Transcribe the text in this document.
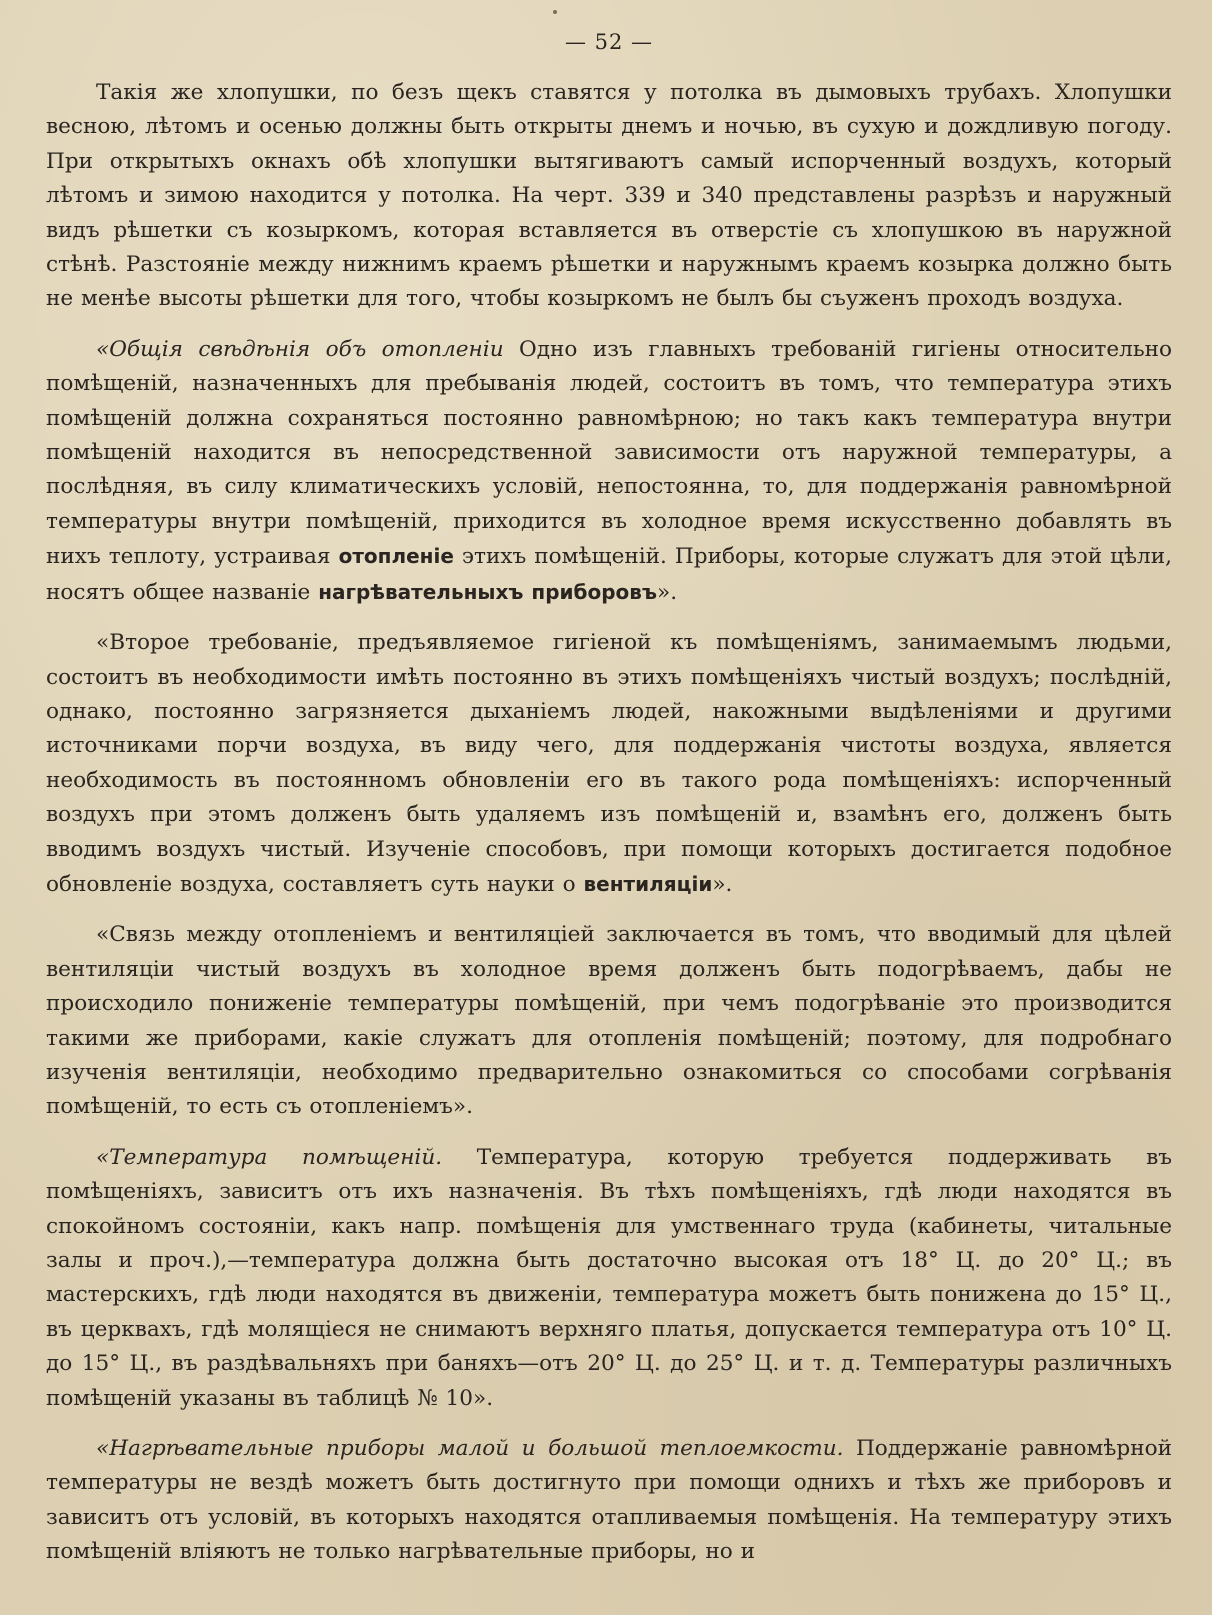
— 52 —

Такія же хлопушки, по безъ щекъ ставятся у потолка въ дымовыхъ трубахъ. Хлопушки весною, лѣтомъ и осенью должны быть открыты днемъ и ночью, въ сухую и дождливую погоду. При открытыхъ окнахъ обѣ хлопушки вытягиваютъ самый испорченный воздухъ, который лѣтомъ и зимою находится у потолка. На черт. 339 и 340 представлены разрѣзъ и наружный видъ рѣшетки съ козыркомъ, которая вставляется въ отверстіе съ хлопушкою въ наружной стѣнѣ. Разстояніе между нижнимъ краемъ рѣшетки и наружнымъ краемъ козырка должно быть не менѣе высоты рѣшетки для того, чтобы козыркомъ не былъ бы съуженъ проходъ воздуха.

«Общія свѣдѣнія объ отопленіи Одно изъ главныхъ требованій гигіены относительно помѣщеній, назначенныхъ для пребыванія людей, состоитъ въ томъ, что температура этихъ помѣщеній должна сохраняться постоянно равномѣрною; но такъ какъ температура внутри помѣщеній находится въ непосредственной зависимости отъ наружной температуры, а послѣдняя, въ силу климатическихъ условій, непостоянна, то, для поддержанія равномѣрной температуры внутри помѣщеній, приходится въ холодное время искусственно добавлять въ нихъ теплоту, устраивая отопленіе этихъ помѣщеній. Приборы, которые служатъ для этой цѣли, носятъ общее названіе нагрѣвательныхъ приборовъ».

«Второе требованіе, предъявляемое гигіеной къ помѣщеніямъ, занимаемымъ людьми, состоитъ въ необходимости имѣть постоянно въ этихъ помѣщеніяхъ чистый воздухъ; послѣдній, однако, постоянно загрязняется дыханіемъ людей, накожными выдѣленіями и другими источниками порчи воздуха, въ виду чего, для поддержанія чистоты воздуха, является необходимость въ постоянномъ обновленіи его въ такого рода помѣщеніяхъ: испорченный воздухъ при этомъ долженъ быть удаляемъ изъ помѣщеній и, взамѣнъ его, долженъ быть вводимъ воздухъ чистый. Изученіе способовъ, при помощи которыхъ достигается подобное обновленіе воздуха, составляетъ суть науки о вентиляціи».

«Связь между отопленіемъ и вентиляціей заключается въ томъ, что вводимый для цѣлей вентиляціи чистый воздухъ въ холодное время долженъ быть подогрѣваемъ, дабы не происходило пониженіе температуры помѣщеній, при чемъ подогрѣваніе это производится такими же приборами, какіе служатъ для отопленія помѣщеній; поэтому, для подробнаго изученія вентиляціи, необходимо предварительно ознакомиться со способами согрѣванія помѣщеній, то есть съ отопленіемъ».

«Температура помѣщеній. Температура, которую требуется поддерживать въ помѣщеніяхъ, зависитъ отъ ихъ назначенія. Въ тѣхъ помѣщеніяхъ, гдѣ люди находятся въ спокойномъ состояніи, какъ напр. помѣщенія для умственнаго труда (кабинеты, читальные залы и проч.),—температура должна быть достаточно высокая отъ 18° Ц. до 20° Ц.; въ мастерскихъ, гдѣ люди находятся въ движеніи, температура можетъ быть понижена до 15° Ц., въ церквахъ, гдѣ молящіеся не снимаютъ верхняго платья, допускается температура отъ 10° Ц. до 15° Ц., въ раздѣвальняхъ при баняхъ—отъ 20° Ц. до 25° Ц. и т. д. Температуры различныхъ помѣщеній указаны въ таблицѣ № 10».

«Нагрѣвательные приборы малой и большой теплоемкости. Поддержаніе равномѣрной температуры не вездѣ можетъ быть достигнуто при помощи однихъ и тѣхъ же приборовъ и зависитъ отъ условій, въ которыхъ находятся отапливаемыя помѣщенія. На температуру этихъ помѣщеній вліяютъ не только нагрѣвательные приборы, но и
